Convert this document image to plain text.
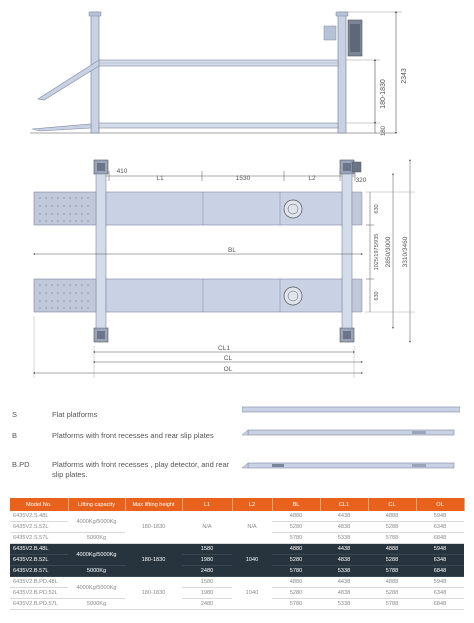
2343
180-1830
180
410
L1	1530	L2	320
630
1025/1975/935
630
2850/3000 3310/3460
BL
CL1
CL
OL
S	Flat platforms
B	Platforms with front recesses and rear slip plates
B.PD	Platforms with front recesses , play detector, and rear slip plates.
Model No.	Lifting capacity	Max lifting height	L1	L2	BL	CL1	CL	OL
6435V2.S.48L	4000Kg/5000Kg	180-1830	N/A	N/A	4880	4438	4888	5948
6435V2.S.52L					5280	4838	5288	6348
6435V2.S.57L	5000Kg				5780	5338	5788	6848
6435V2.B.48L	4000Kg/5000Kg	180-1830	1580	1040	4880	4438	4888	5948
6435V2.B.52L			1980		5280	4838	5288	6348
6435V2.B.57L	5000Kg		2480		5780	5338	5788	6848
6435V2.B.PD.48L	4000Kg/5000Kg	180-1830	1580	1040	4880	4438	4888	5948
6435V2.B.PD.52L			1980		5280	4838	5288	6348
6435V2.B.PD.57L	5000Kg		2480		5780	5338	5788	6848
